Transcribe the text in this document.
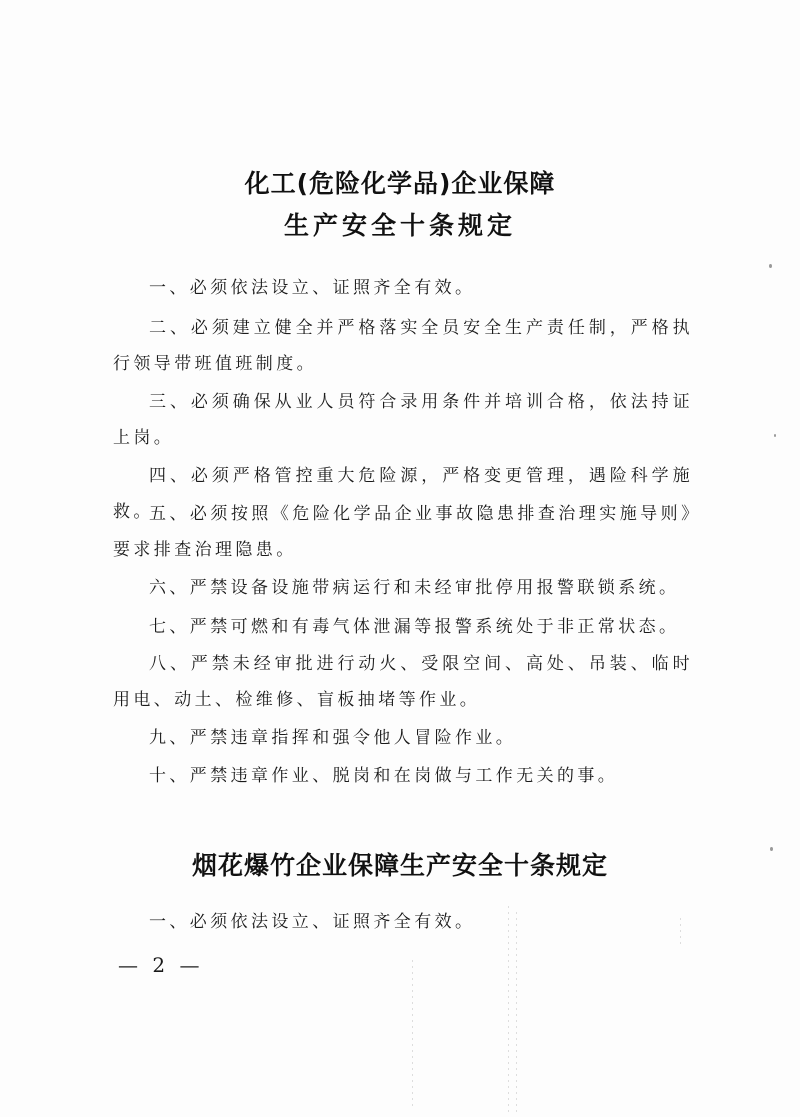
化工(危险化学品)企业保障
生产安全十条规定
一、必须依法设立、证照齐全有效。
二、必须建立健全并严格落实全员安全生产责任制，严格执行领导带班值班制度。
三、必须确保从业人员符合录用条件并培训合格，依法持证上岗。
四、必须严格管控重大危险源，严格变更管理，遇险科学施救。
五、必须按照《危险化学品企业事故隐患排查治理实施导则》要求排查治理隐患。
六、严禁设备设施带病运行和未经审批停用报警联锁系统。
七、严禁可燃和有毒气体泄漏等报警系统处于非正常状态。
八、严禁未经审批进行动火、受限空间、高处、吊装、临时用电、动土、检维修、盲板抽堵等作业。
九、严禁违章指挥和强令他人冒险作业。
十、严禁违章作业、脱岗和在岗做与工作无关的事。
烟花爆竹企业保障生产安全十条规定
一、必须依法设立、证照齐全有效。
— 2 —
